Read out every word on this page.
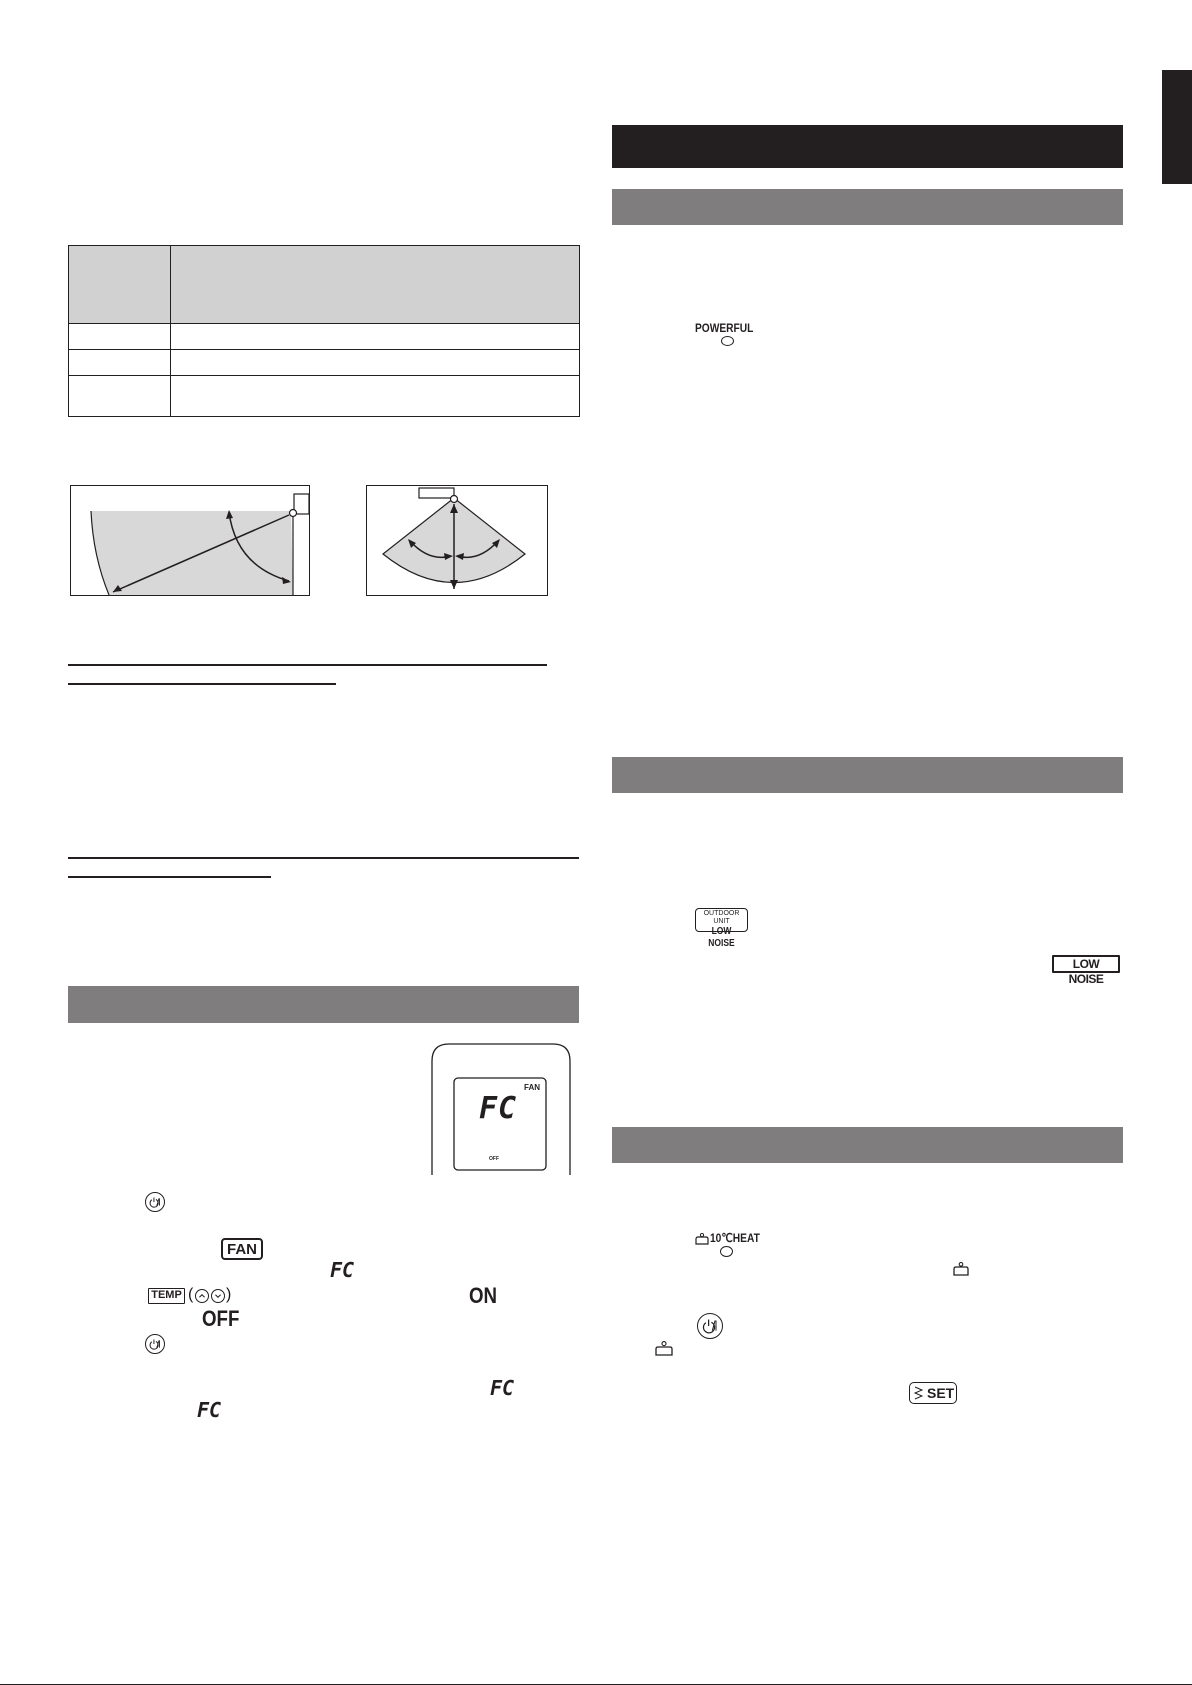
FC
FAN
OFF
FAN
FC
TEMP ( )	ON
OFF
FC
FC
POWERFUL
OUTDOOR UNIT
LOW NOISE
LOW NOISE
10℃HEAT
SET
